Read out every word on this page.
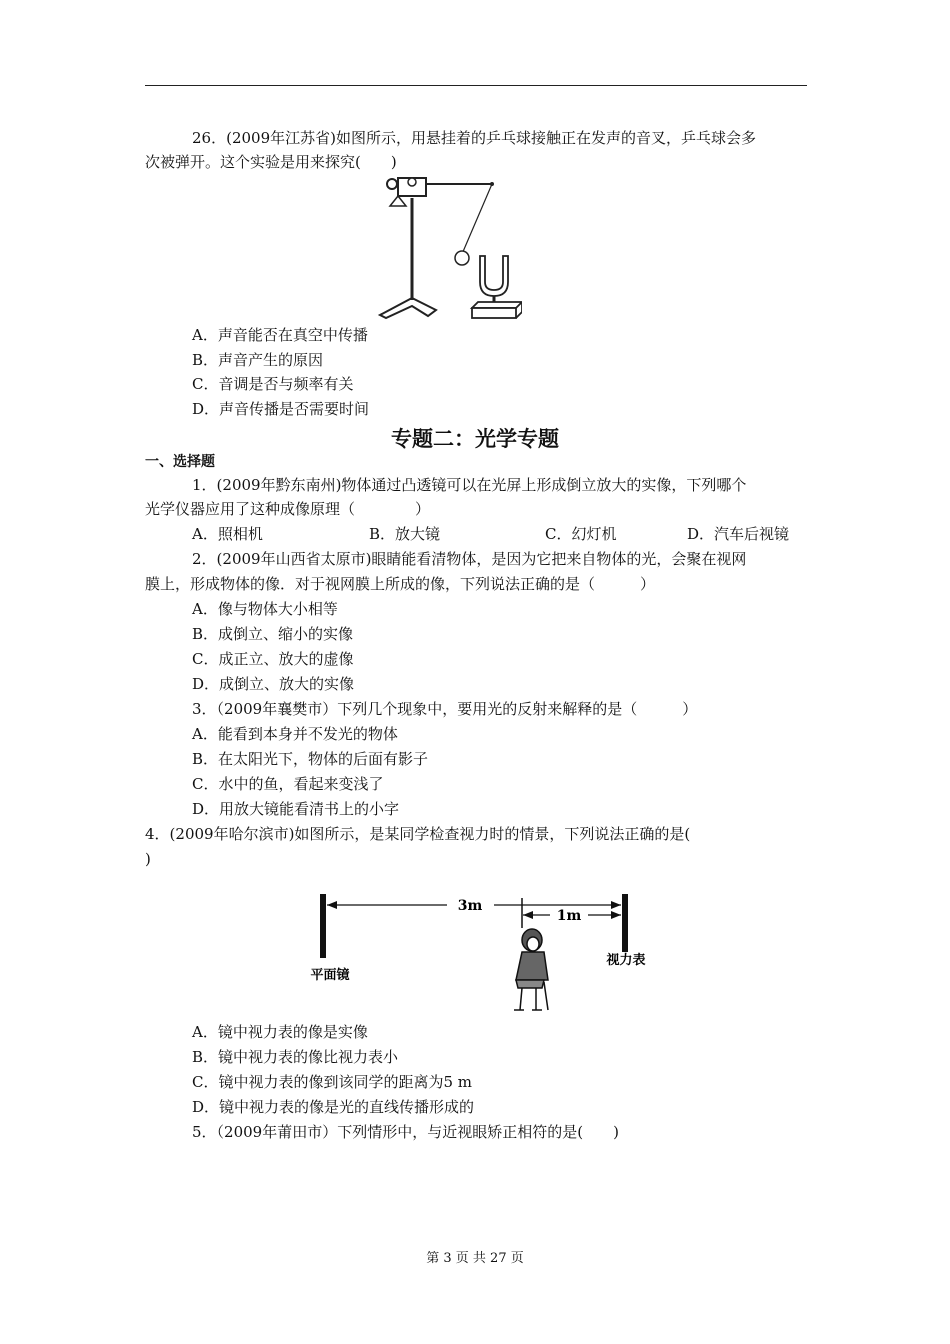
26．(2009年江苏省)如图所示，用悬挂着的乒乓球接触正在发声的音叉，乒乓球会多
次被弹开。这个实验是用来探究(　　)
A．声音能否在真空中传播
B．声音产生的原因
C．音调是否与频率有关
D．声音传播是否需要时间
专题二：光学专题
一、选择题
1．(2009年黔东南州)物体通过凸透镜可以在光屏上形成倒立放大的实像，下列哪个
光学仪器应用了这种成像原理（　　　　）
A．照相机	B．放大镜	C．幻灯机	D．汽车后视镜
2．(2009年山西省太原市)眼睛能看清物体，是因为它把来自物体的光，会聚在视网
膜上，形成物体的像．对于视网膜上所成的像，下列说法正确的是（　　　）
A．像与物体大小相等
B．成倒立、缩小的实像
C．成正立、放大的虚像
D．成倒立、放大的实像
3．（2009年襄樊市）下列几个现象中，要用光的反射来解释的是（　　　）
A．能看到本身并不发光的物体
B．在太阳光下，物体的后面有影子
C．水中的鱼，看起来变浅了
D．用放大镜能看清书上的小字
4．(2009年哈尔滨市)如图所示，是某同学检查视力时的情景，下列说法正确的是(
)
3m
1m
平面镜
视力表
A．镜中视力表的像是实像
B．镜中视力表的像比视力表小
C．镜中视力表的像到该同学的距离为5 m
D．镜中视力表的像是光的直线传播形成的
5．（2009年莆田市）下列情形中，与近视眼矫正相符的是(　　)
第 3 页 共 27 页
